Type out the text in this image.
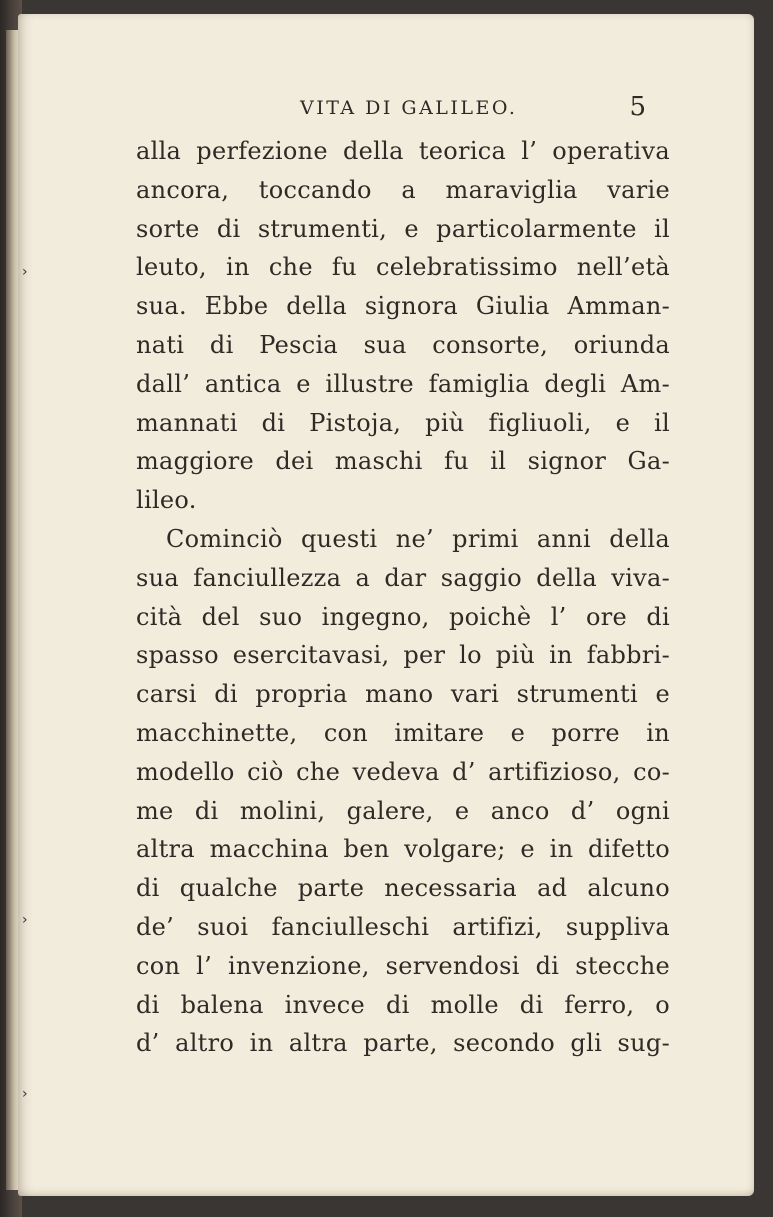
VITA DI GALILEO.	5
alla perfezione della teorica l’ operativa
ancora, toccando a maraviglia varie
sorte di strumenti, e particolarmente il
leuto, in che fu celebratissimo nell’età
sua. Ebbe della signora Giulia Amman-
nati di Pescia sua consorte, oriunda
dall’ antica e illustre famiglia degli Am-
mannati di Pistoja, più figliuoli, e il
maggiore dei maschi fu il signor Ga-
lileo.
Cominciò questi ne’ primi anni della
sua fanciullezza a dar saggio della viva-
cità del suo ingegno, poichè l’ ore di
spasso esercitavasi, per lo più in fabbri-
carsi di propria mano vari strumenti e
macchinette, con imitare e porre in
modello ciò che vedeva d’ artifizioso, co-
me di molini, galere, e anco d’ ogni
altra macchina ben volgare; e in difetto
di qualche parte necessaria ad alcuno
de’ suoi fanciulleschi artifizi, suppliva
con l’ invenzione, servendosi di stecche
di balena invece di molle di ferro, o
d’ altro in altra parte, secondo gli sug-
›
›
›
